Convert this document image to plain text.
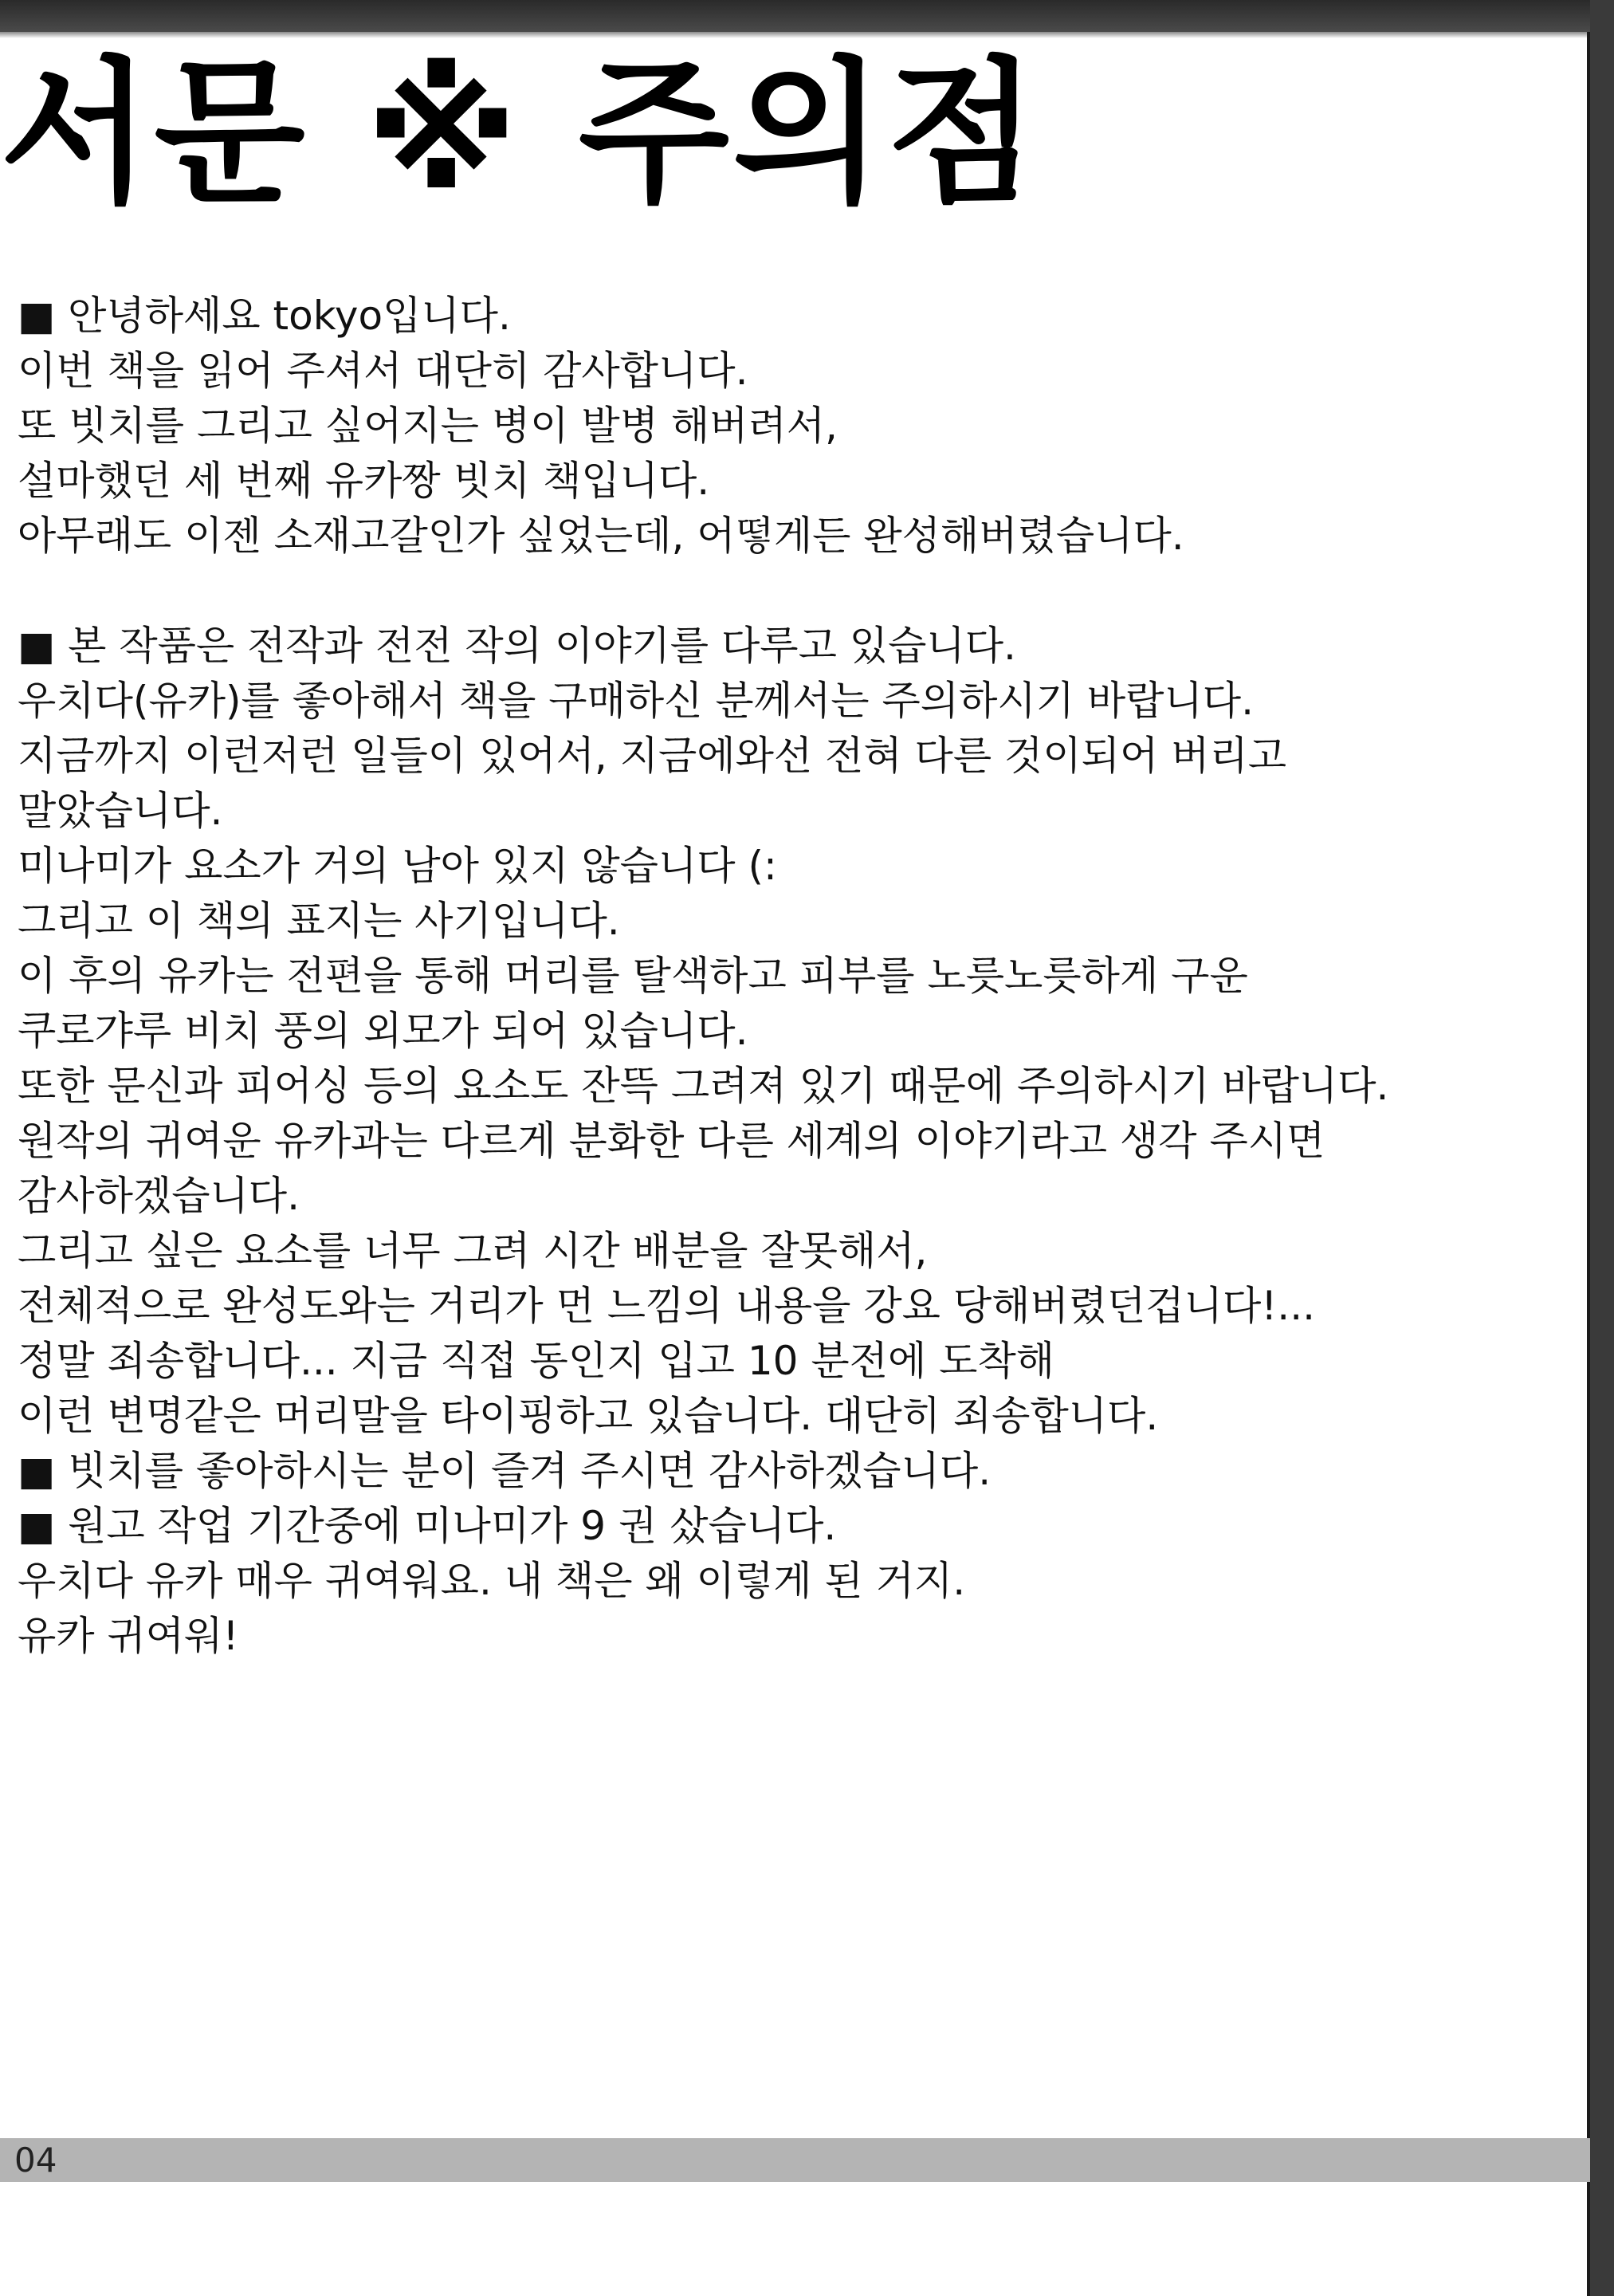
서문 ※ 주의점
■ 안녕하세요 tokyo입니다.
이번 책을 읽어 주셔서 대단히 감사합니다.
또 빗치를 그리고 싶어지는 병이 발병 해버려서,
설마했던 세 번째 유카짱 빗치 책입니다.
아무래도 이젠 소재고갈인가 싶었는데, 어떻게든 완성해버렸습니다.
■ 본 작품은 전작과 전전 작의 이야기를 다루고 있습니다.
우치다(유카)를 좋아해서 책을 구매하신 분께서는 주의하시기 바랍니다.
지금까지 이런저런 일들이 있어서, 지금에와선 전혀 다른 것이되어 버리고
말았습니다.
미나미가 요소가 거의 남아 있지 않습니다 (:
그리고 이 책의 표지는 사기입니다.
이 후의 유카는 전편을 통해 머리를 탈색하고 피부를 노릇노릇하게 구운
쿠로갸루 비치 풍의 외모가 되어 있습니다.
또한 문신과 피어싱 등의 요소도 잔뜩 그려져 있기 때문에 주의하시기 바랍니다.
원작의 귀여운 유카과는 다르게 분화한 다른 세계의 이야기라고 생각 주시면
감사하겠습니다.
그리고 싶은 요소를 너무 그려 시간 배분을 잘못해서,
전체적으로 완성도와는 거리가 먼 느낌의 내용을 강요 당해버렸던겁니다!...
정말 죄송합니다... 지금 직접 동인지 입고 10 분전에 도착해
이런 변명같은 머리말을 타이핑하고 있습니다. 대단히 죄송합니다.
■ 빗치를 좋아하시는 분이 즐겨 주시면 감사하겠습니다.
■ 원고 작업 기간중에 미나미가 9 권 샀습니다.
우치다 유카 매우 귀여워요. 내 책은 왜 이렇게 된 거지.
유카 귀여워!
04
